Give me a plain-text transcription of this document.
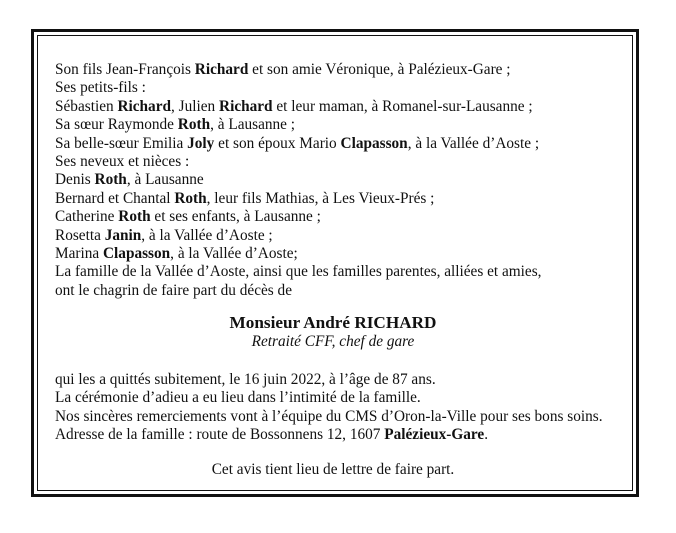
Son fils Jean-François Richard et son amie Véronique, à Palézieux-Gare ;
Ses petits-fils :
Sébastien Richard, Julien Richard et leur maman, à Romanel-sur-Lausanne ;
Sa sœur Raymonde Roth, à Lausanne ;
Sa belle-sœur Emilia Joly et son époux Mario Clapasson, à la Vallée d’Aoste ;
Ses neveux et nièces :
Denis Roth, à Lausanne
Bernard et Chantal Roth, leur fils Mathias, à Les Vieux-Prés ;
Catherine Roth et ses enfants, à Lausanne ;
Rosetta Janin, à la Vallée d’Aoste ;
Marina Clapasson, à la Vallée d’Aoste;
La famille de la Vallée d’Aoste, ainsi que les familles parentes, alliées et amies,
ont le chagrin de faire part du décès de
Monsieur André RICHARD
Retraité CFF, chef de gare
qui les a quittés subitement, le 16 juin 2022, à l’âge de 87 ans.
La cérémonie d’adieu a eu lieu dans l’intimité de la famille.
Nos sincères remerciements vont à l’équipe du CMS d’Oron-la-Ville pour ses bons soins.
Adresse de la famille : route de Bossonnens 12, 1607 Palézieux-Gare.
Cet avis tient lieu de lettre de faire part.
